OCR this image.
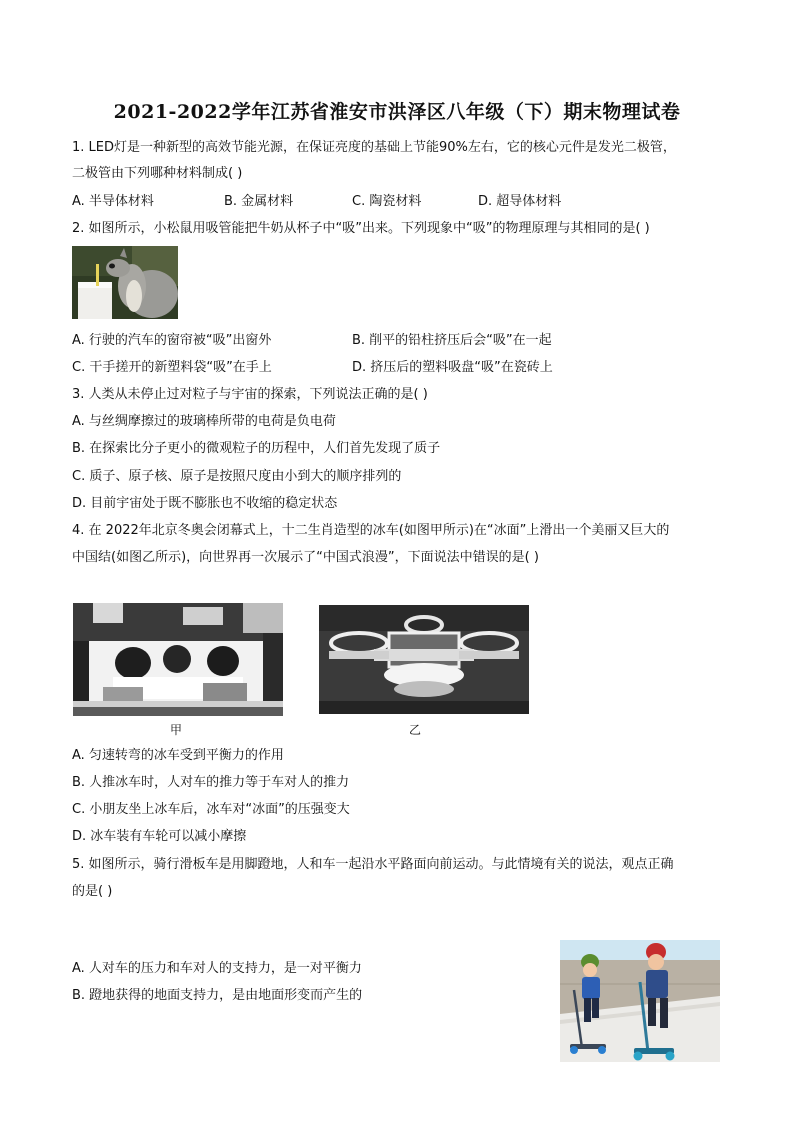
2021-2022学年江苏省淮安市洪泽区八年级（下）期末物理试卷
1. LED灯是一种新型的高效节能光源，在保证亮度的基础上节能90%左右，它的核心元件是发光二极管，
二极管由下列哪种材料制成( )
A. 半导体材料	B. 金属材料	C. 陶瓷材料	D. 超导体材料
2. 如图所示，小松鼠用吸管能把牛奶从杯子中“吸”出来。下列现象中“吸”的物理原理与其相同的是( )
A. 行驶的汽车的窗帘被“吸”出窗外	B. 削平的铅柱挤压后会“吸”在一起
C. 干手搓开的新塑料袋“吸”在手上	D. 挤压后的塑料吸盘“吸”在瓷砖上
3. 人类从未停止过对粒子与宇宙的探索，下列说法正确的是( )
A. 与丝绸摩擦过的玻璃棒所带的电荷是负电荷
B. 在探索比分子更小的微观粒子的历程中，人们首先发现了质子
C. 质子、原子核、原子是按照尺度由小到大的顺序排列的
D. 目前宇宙处于既不膨胀也不收缩的稳定状态
4. 在 2022年北京冬奥会闭幕式上，十二生肖造型的冰车(如图甲所示)在“冰面”上滑出一个美丽又巨大的
中国结(如图乙所示)，向世界再一次展示了“中国式浪漫”，下面说法中错误的是( )
甲	乙
A. 匀速转弯的冰车受到平衡力的作用
B. 人推冰车时，人对车的推力等于车对人的推力
C. 小朋友坐上冰车后，冰车对“冰面”的压强变大
D. 冰车装有车轮可以减小摩擦
5. 如图所示，骑行滑板车是用脚蹬地，人和车一起沿水平路面向前运动。与此情境有关的说法，观点正确
的是( )
A. 人对车的压力和车对人的支持力，是一对平衡力
B. 蹬地获得的地面支持力，是由地面形变而产生的
